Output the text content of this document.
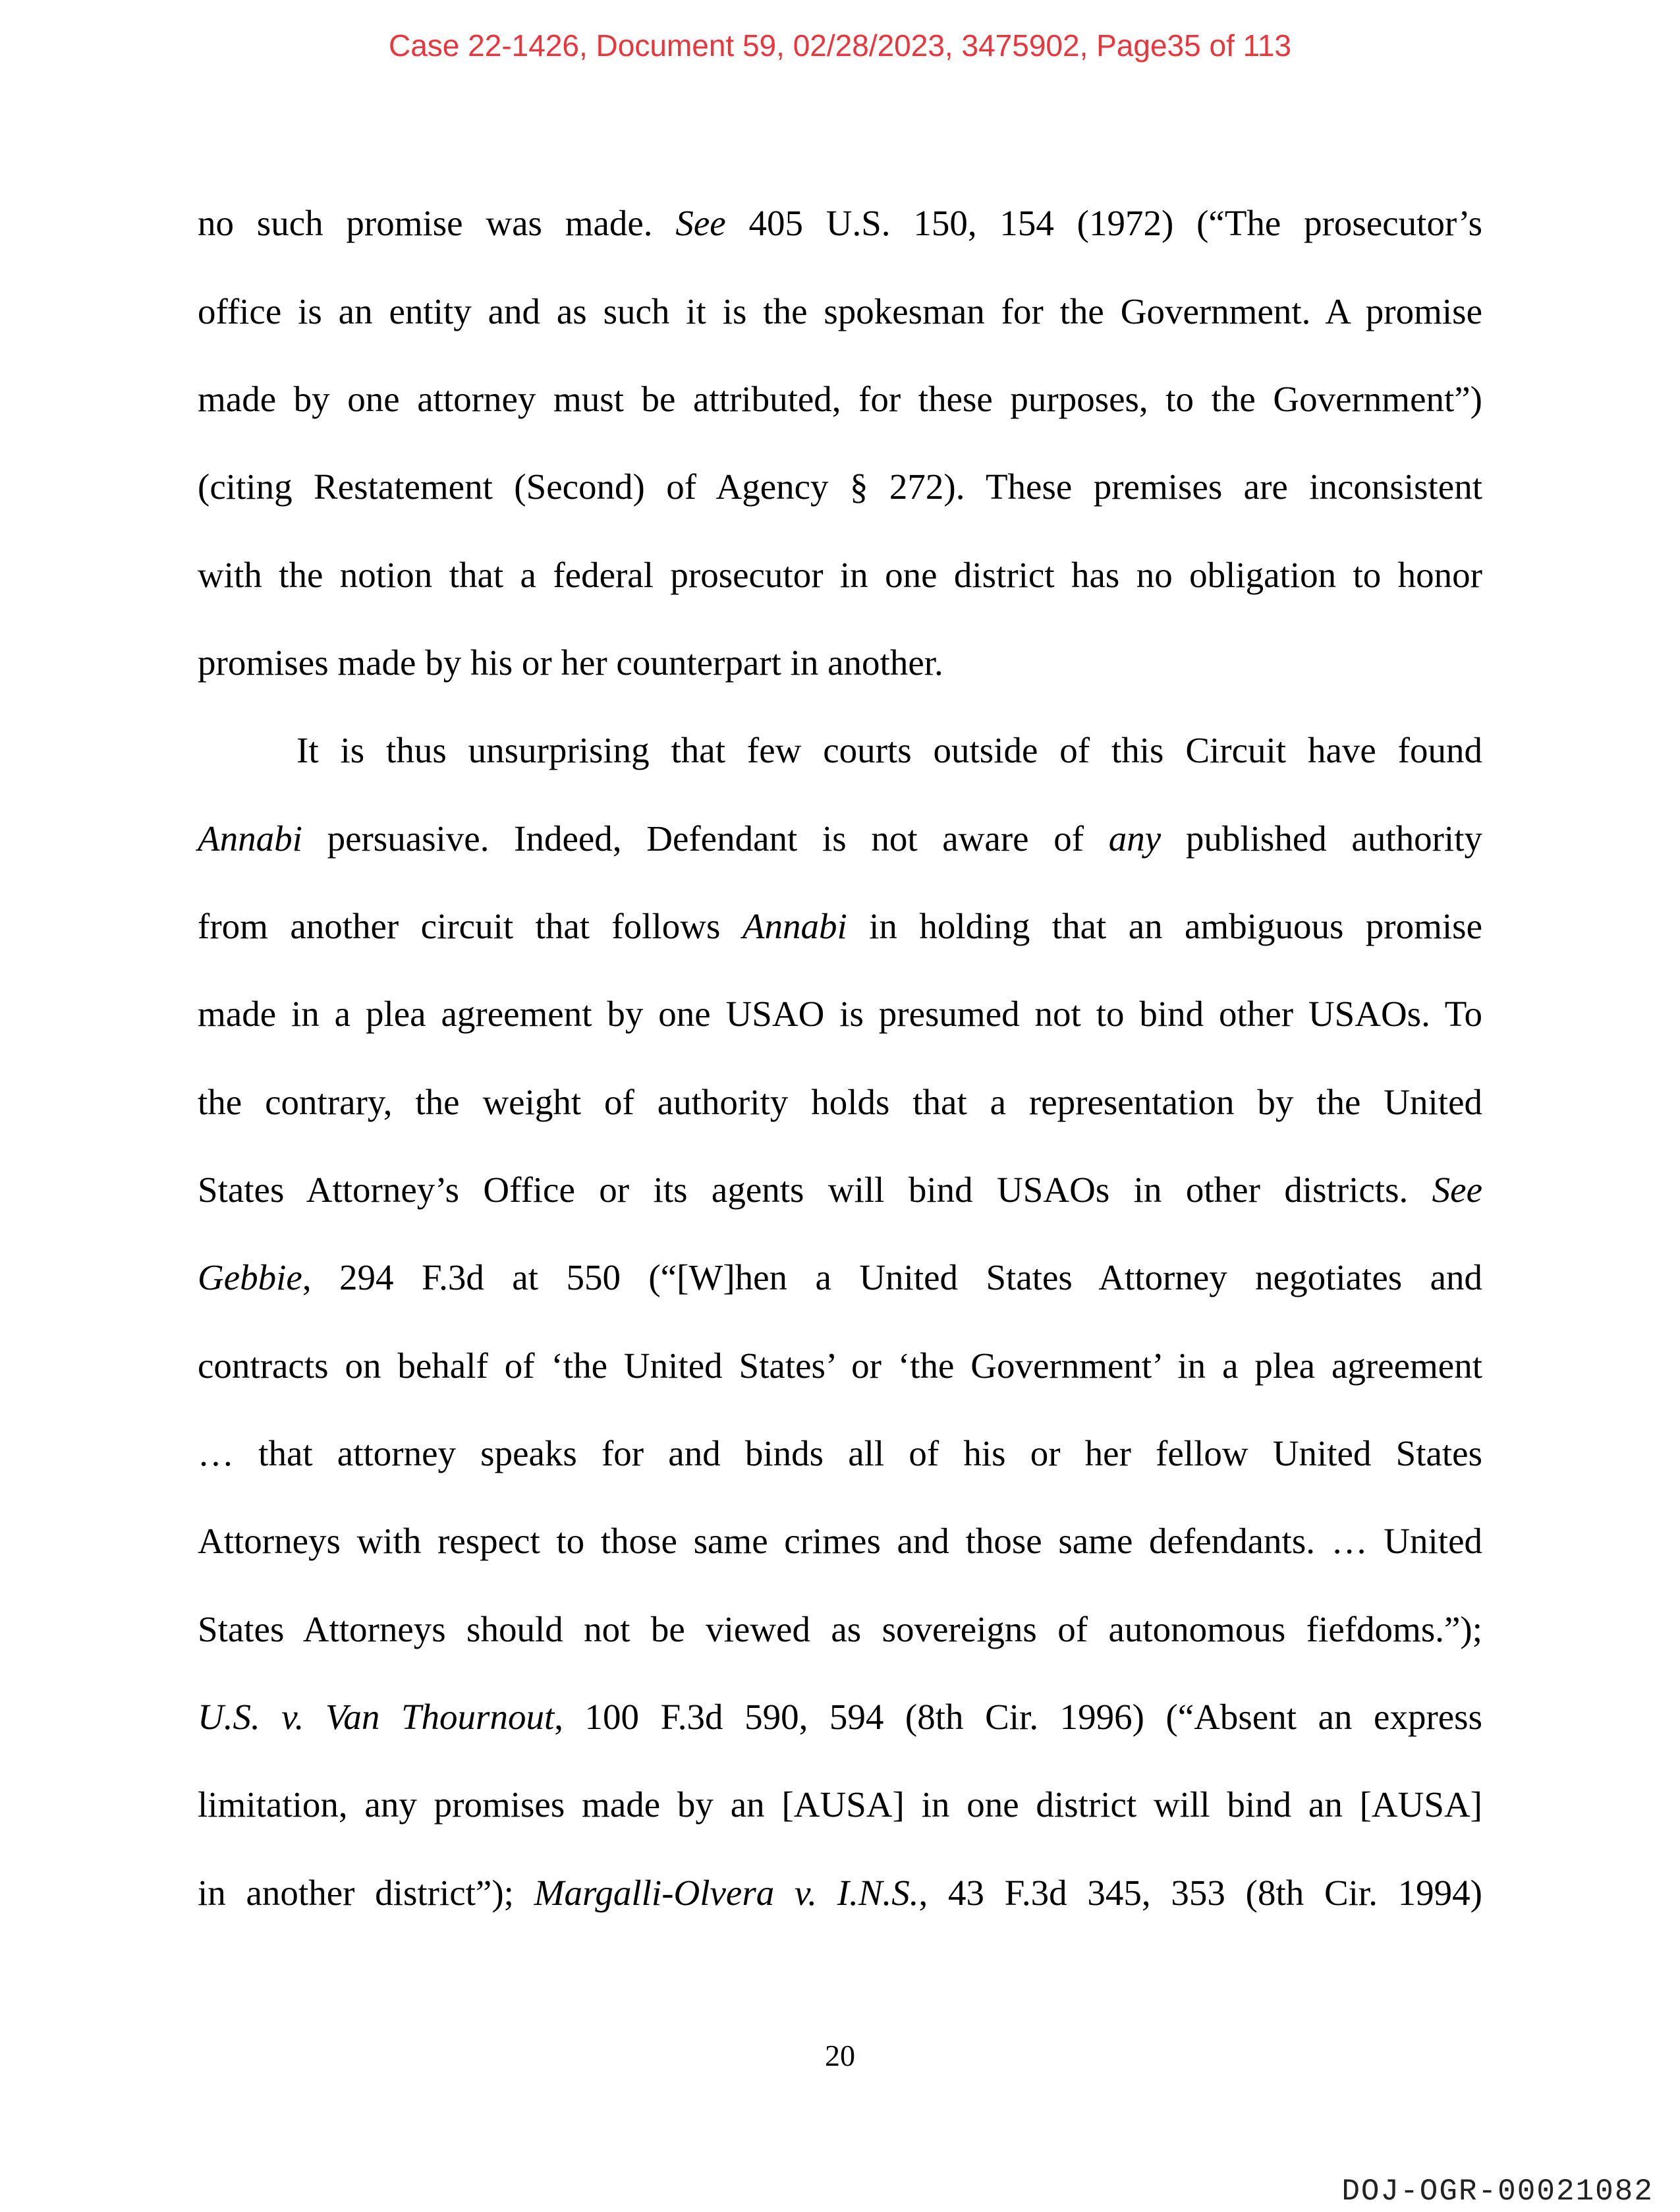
Case 22-1426, Document 59, 02/28/2023, 3475902, Page35 of 113
no such promise was made. See 405 U.S. 150, 154 (1972) (“The prosecutor’s
office is an entity and as such it is the spokesman for the Government. A promise
made by one attorney must be attributed, for these purposes, to the Government”)
(citing Restatement (Second) of Agency § 272). These premises are inconsistent
with the notion that a federal prosecutor in one district has no obligation to honor
promises made by his or her counterpart in another.
It is thus unsurprising that few courts outside of this Circuit have found
Annabi persuasive. Indeed, Defendant is not aware of any published authority
from another circuit that follows Annabi in holding that an ambiguous promise
made in a plea agreement by one USAO is presumed not to bind other USAOs. To
the contrary, the weight of authority holds that a representation by the United
States Attorney’s Office or its agents will bind USAOs in other districts. See
Gebbie, 294 F.3d at 550 (“[W]hen a United States Attorney negotiates and
contracts on behalf of ‘the United States’ or ‘the Government’ in a plea agreement
… that attorney speaks for and binds all of his or her fellow United States
Attorneys with respect to those same crimes and those same defendants. … United
States Attorneys should not be viewed as sovereigns of autonomous fiefdoms.”);
U.S. v. Van Thournout, 100 F.3d 590, 594 (8th Cir. 1996) (“Absent an express
limitation, any promises made by an [AUSA] in one district will bind an [AUSA]
in another district”); Margalli-Olvera v. I.N.S., 43 F.3d 345, 353 (8th Cir. 1994)
20
DOJ-OGR-00021082
